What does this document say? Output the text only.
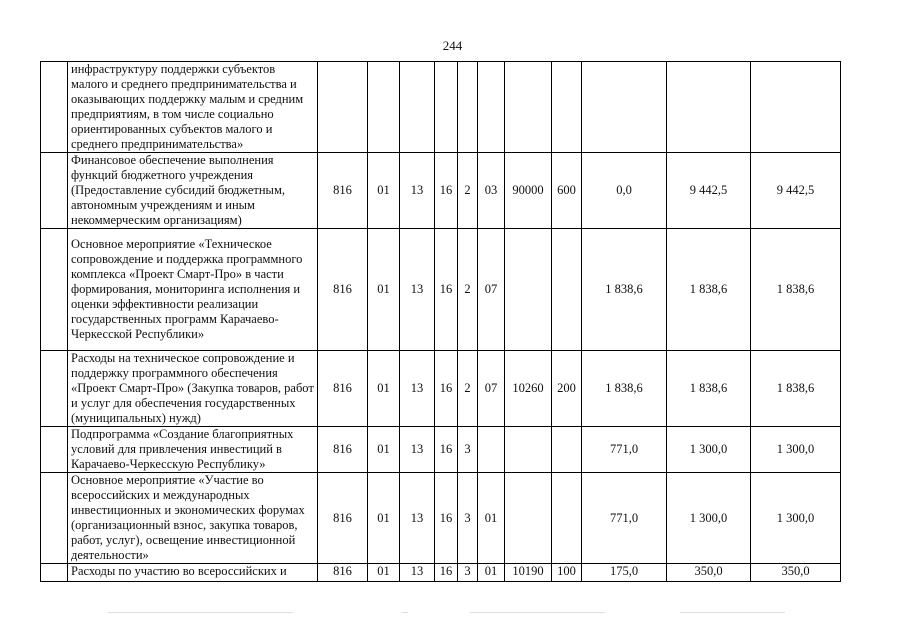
244
	инфраструктуру поддержки субъектов малого и среднего предпринимательства и оказывающих поддержку малым и средним предприятиям, в том числе социально ориентированных субъектов малого и среднего предпринимательства»											
	Финансовое обеспечение выполнения функций бюджетного учреждения (Предоставление субсидий бюджетным, автономным учреждениям и иным некоммерческим организациям)	816	01	13	16	2	03	90000	600	0,0	9 442,5	9 442,5
	Основное мероприятие «Техническое сопровождение и поддержка программного комплекса «Проект Смарт-Про» в части формирования, мониторинга исполнения и оценки эффективности реализации государственных программ Карачаево-Черкесской Республики»	816	01	13	16	2	07			1 838,6	1 838,6	1 838,6
	Расходы на техническое сопровождение и поддержку программного обеспечения «Проект Смарт-Про» (Закупка товаров, работ и услуг для обеспечения государственных (муниципальных) нужд)	816	01	13	16	2	07	10260	200	1 838,6	1 838,6	1 838,6
	Подпрограмма «Создание благоприятных условий для привлечения инвестиций в Карачаево-Черкесскую Республику»	816	01	13	16	3				771,0	1 300,0	1 300,0
	Основное мероприятие «Участие во всероссийских и международных инвестиционных и экономических форумах (организационный взнос, закупка товаров, работ, услуг), освещение инвестиционной деятельности»	816	01	13	16	3	01			771,0	1 300,0	1 300,0
	Расходы по участию во всероссийских и	816	01	13	16	3	01	10190	100	175,0	350,0	350,0
